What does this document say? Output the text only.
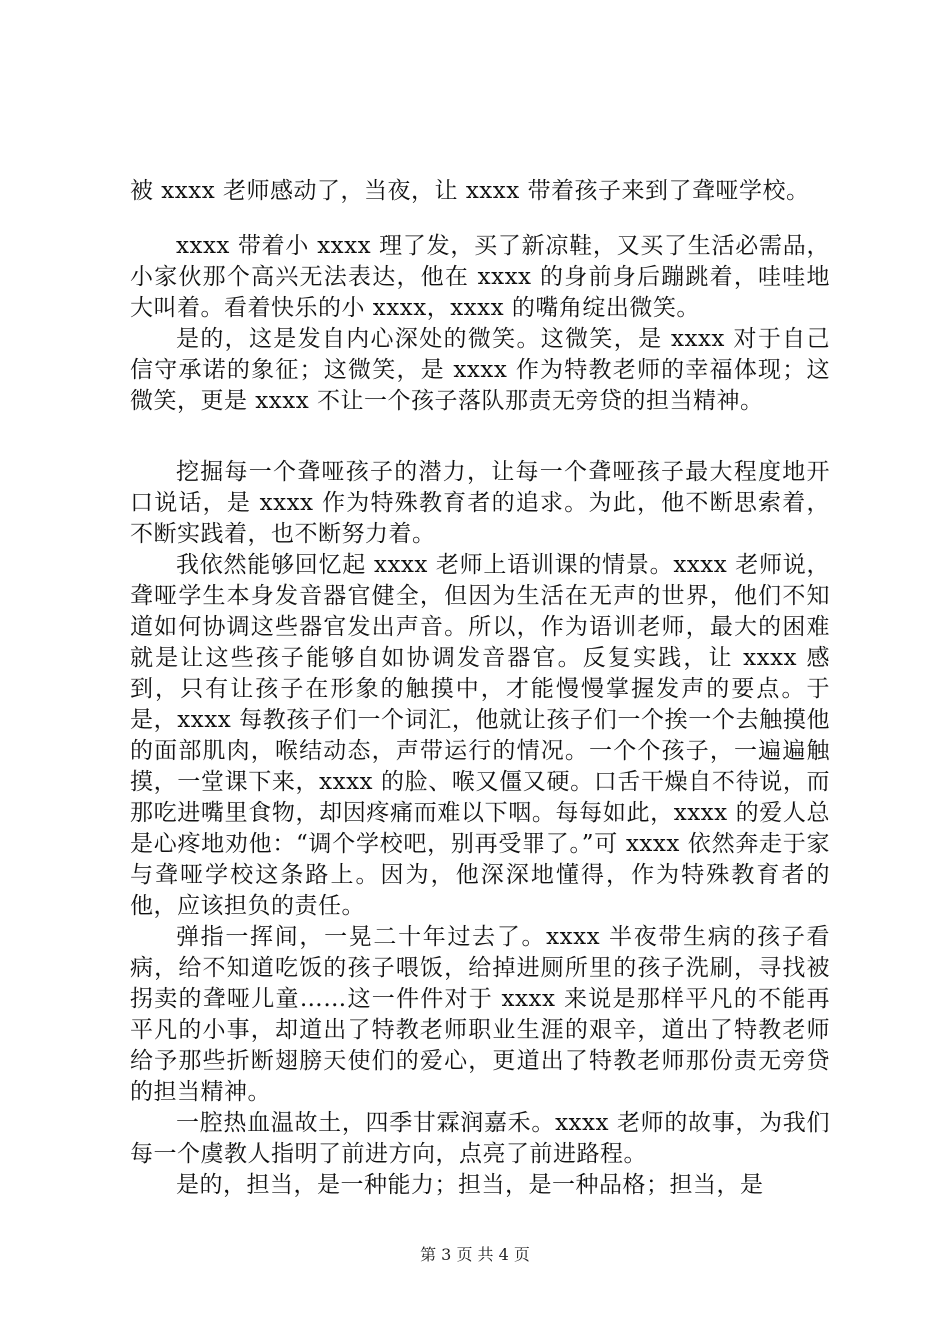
被 xxxx 老师感动了，当夜，让 xxxx 带着孩子来到了聋哑学校。

xxxx 带着小 xxxx 理了发，买了新凉鞋，又买了生活必需品，小家伙那个高兴无法表达，他在 xxxx 的身前身后蹦跳着，哇哇地大叫着。看着快乐的小 xxxx，xxxx 的嘴角绽出微笑。

是的，这是发自内心深处的微笑。这微笑，是 xxxx 对于自己信守承诺的象征；这微笑，是 xxxx 作为特教老师的幸福体现；这微笑，更是 xxxx 不让一个孩子落队那责无旁贷的担当精神。

挖掘每一个聋哑孩子的潜力，让每一个聋哑孩子最大程度地开口说话，是 xxxx 作为特殊教育者的追求。为此，他不断思索着，不断实践着，也不断努力着。

我依然能够回忆起 xxxx 老师上语训课的情景。xxxx 老师说，聋哑学生本身发音器官健全，但因为生活在无声的世界，他们不知道如何协调这些器官发出声音。所以，作为语训老师，最大的困难就是让这些孩子能够自如协调发音器官。反复实践，让 xxxx 感到，只有让孩子在形象的触摸中，才能慢慢掌握发声的要点。于是，xxxx 每教孩子们一个词汇，他就让孩子们一个挨一个去触摸他的面部肌肉，喉结动态，声带运行的情况。一个个孩子，一遍遍触摸，一堂课下来，xxxx 的脸、喉又僵又硬。口舌干燥自不待说，而那吃进嘴里食物，却因疼痛而难以下咽。每每如此，xxxx 的爱人总是心疼地劝他：“调个学校吧，别再受罪了。”可 xxxx 依然奔走于家与聋哑学校这条路上。因为，他深深地懂得，作为特殊教育者的他，应该担负的责任。

弹指一挥间，一晃二十年过去了。xxxx 半夜带生病的孩子看病，给不知道吃饭的孩子喂饭，给掉进厕所里的孩子洗刷，寻找被拐卖的聋哑儿童……这一件件对于 xxxx 来说是那样平凡的不能再平凡的小事，却道出了特教老师职业生涯的艰辛，道出了特教老师给予那些折断翅膀天使们的爱心，更道出了特教老师那份责无旁贷的担当精神。

一腔热血温故土，四季甘霖润嘉禾。xxxx 老师的故事，为我们每一个虞教人指明了前进方向，点亮了前进路程。

是的，担当，是一种能力；担当，是一种品格；担当，是

第 3 页 共 4 页
